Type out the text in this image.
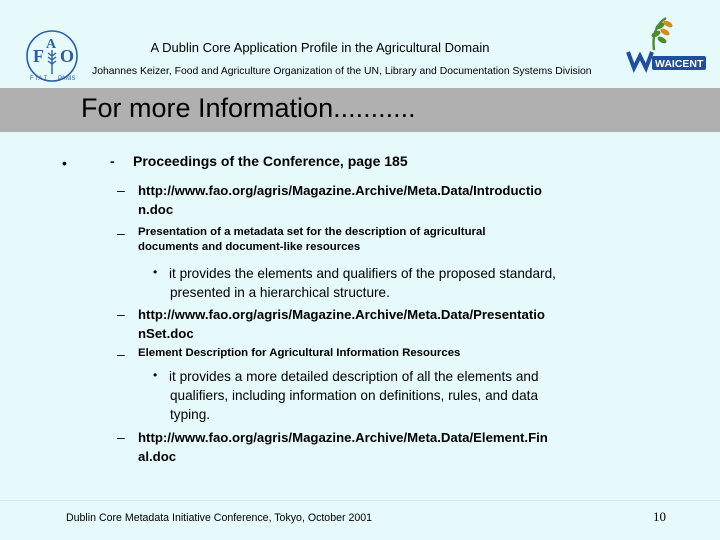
F
A
O
F I A T PANIS
WAICENT
A Dublin Core Application Profile in the Agricultural Domain
Johannes Keizer, Food and Agriculture Organization of the UN, Library and Documentation Systems Division
For more Information...........
•	- Proceedings of the Conference, page 185
– http://www.fao.org/agris/Magazine.Archive/Meta.Data/Introductio
n.doc
– Presentation of a metadata set for the description of agricultural
documents and document-like resources
• it provides the elements and qualifiers of the proposed standard,
presented in a hierarchical structure.
– http://www.fao.org/agris/Magazine.Archive/Meta.Data/Presentatio
nSet.doc
– Element Description for Agricultural Information Resources
• it provides a more detailed description of all the elements and
qualifiers, including information on definitions, rules, and data
typing.
– http://www.fao.org/agris/Magazine.Archive/Meta.Data/Element.Fin
al.doc
Dublin Core Metadata Initiative Conference, Tokyo, October 2001	10
